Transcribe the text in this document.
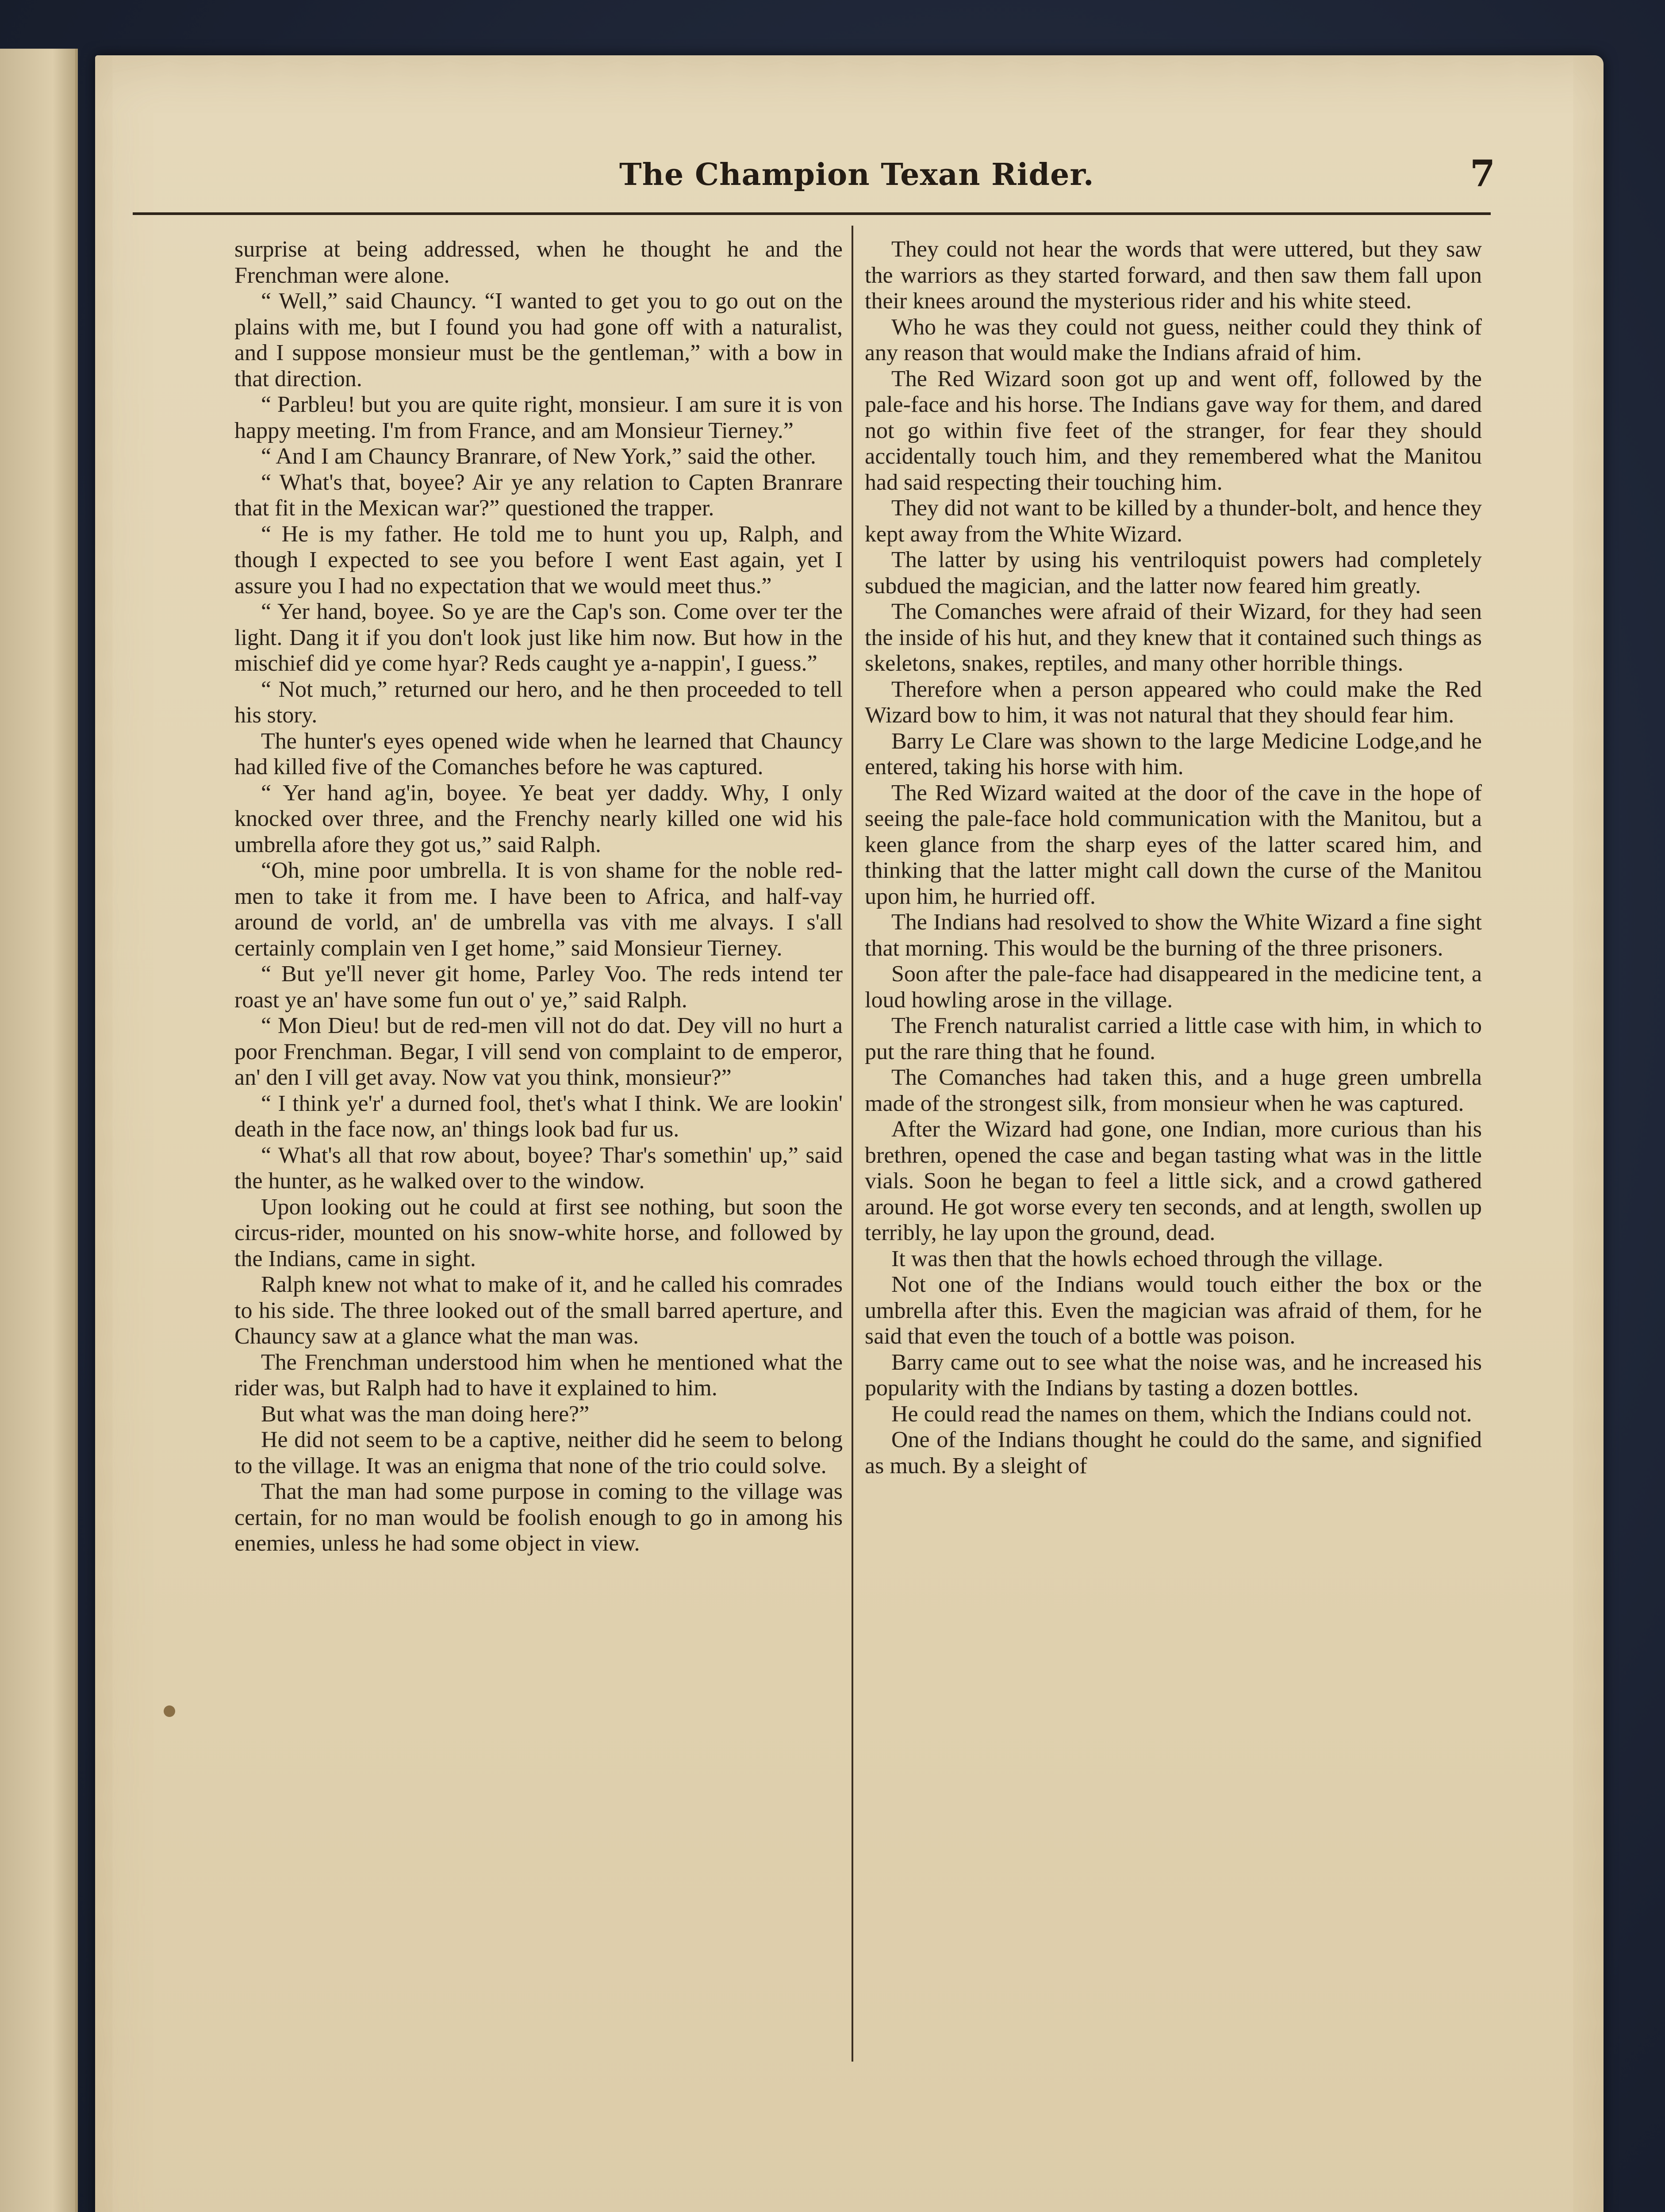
The Champion Texan Rider.	7

surprise at being addressed, when he thought he and the Frenchman were alone.

“ Well,” said Chauncy. “I wanted to get you to go out on the plains with me, but I found you had gone off with a naturalist, and I suppose monsieur must be the gentleman,” with a bow in that direction.

“ Parbleu! but you are quite right, monsieur. I am sure it is von happy meeting. I'm from France, and am Monsieur Tierney.”

“ And I am Chauncy Branrare, of New York,” said the other.

“ What's that, boyee? Air ye any relation to Capten Branrare that fit in the Mexican war?” questioned the trapper.

“ He is my father. He told me to hunt you up, Ralph, and though I expected to see you before I went East again, yet I assure you I had no expectation that we would meet thus.”

“ Yer hand, boyee. So ye are the Cap's son. Come over ter the light. Dang it if you don't look just like him now. But how in the mischief did ye come hyar? Reds caught ye a-nappin', I guess.”

“ Not much,” returned our hero, and he then proceeded to tell his story.

The hunter's eyes opened wide when he learned that Chauncy had killed five of the Comanches before he was captured.

“ Yer hand ag'in, boyee. Ye beat yer daddy. Why, I only knocked over three, and the Frenchy nearly killed one wid his umbrella afore they got us,” said Ralph.

“Oh, mine poor umbrella. It is von shame for the noble red-men to take it from me. I have been to Africa, and half-vay around de vorld, an' de umbrella vas vith me alvays. I s'all certainly complain ven I get home,” said Monsieur Tierney.

“ But ye'll never git home, Parley Voo. The reds intend ter roast ye an' have some fun out o' ye,” said Ralph.

“ Mon Dieu! but de red-men vill not do dat. Dey vill no hurt a poor Frenchman. Begar, I vill send von complaint to de emperor, an' den I vill get avay. Now vat you think, monsieur?”

“ I think ye'r' a durned fool, thet's what I think. We are lookin' death in the face now, an' things look bad fur us.

“ What's all that row about, boyee? Thar's somethin' up,” said the hunter, as he walked over to the window.

Upon looking out he could at first see nothing, but soon the circus-rider, mounted on his snow-white horse, and followed by the Indians, came in sight.

Ralph knew not what to make of it, and he called his comrades to his side. The three looked out of the small barred aperture, and Chauncy saw at a glance what the man was.

The Frenchman understood him when he mentioned what the rider was, but Ralph had to have it explained to him.

But what was the man doing here?”

He did not seem to be a captive, neither did he seem to belong to the village. It was an enigma that none of the trio could solve.

That the man had some purpose in coming to the village was certain, for no man would be foolish enough to go in among his enemies, unless he had some object in view.

They could not hear the words that were uttered, but they saw the warriors as they started forward, and then saw them fall upon their knees around the mysterious rider and his white steed.

Who he was they could not guess, neither could they think of any reason that would make the Indians afraid of him.

The Red Wizard soon got up and went off, followed by the pale-face and his horse. The Indians gave way for them, and dared not go within five feet of the stranger, for fear they should accidentally touch him, and they remembered what the Manitou had said respecting their touching him.

They did not want to be killed by a thunder-bolt, and hence they kept away from the White Wizard.

The latter by using his ventriloquist powers had completely subdued the magician, and the latter now feared him greatly.

The Comanches were afraid of their Wizard, for they had seen the inside of his hut, and they knew that it contained such things as skeletons, snakes, reptiles, and many other horrible things.

Therefore when a person appeared who could make the Red Wizard bow to him, it was not natural that they should fear him.

Barry Le Clare was shown to the large Medicine Lodge,and he entered, taking his horse with him.

The Red Wizard waited at the door of the cave in the hope of seeing the pale-face hold communication with the Manitou, but a keen glance from the sharp eyes of the latter scared him, and thinking that the latter might call down the curse of the Manitou upon him, he hurried off.

The Indians had resolved to show the White Wizard a fine sight that morning. This would be the burning of the three prisoners.

Soon after the pale-face had disappeared in the medicine tent, a loud howling arose in the village.

The French naturalist carried a little case with him, in which to put the rare thing that he found.

The Comanches had taken this, and a huge green umbrella made of the strongest silk, from monsieur when he was captured.

After the Wizard had gone, one Indian, more curious than his brethren, opened the case and began tasting what was in the little vials. Soon he began to feel a little sick, and a crowd gathered around. He got worse every ten seconds, and at length, swollen up terribly, he lay upon the ground, dead.

It was then that the howls echoed through the village.

Not one of the Indians would touch either the box or the umbrella after this. Even the magician was afraid of them, for he said that even the touch of a bottle was poison.

Barry came out to see what the noise was, and he increased his popularity with the Indians by tasting a dozen bottles.

He could read the names on them, which the Indians could not.

One of the Indians thought he could do the same, and signified as much. By a sleight of
